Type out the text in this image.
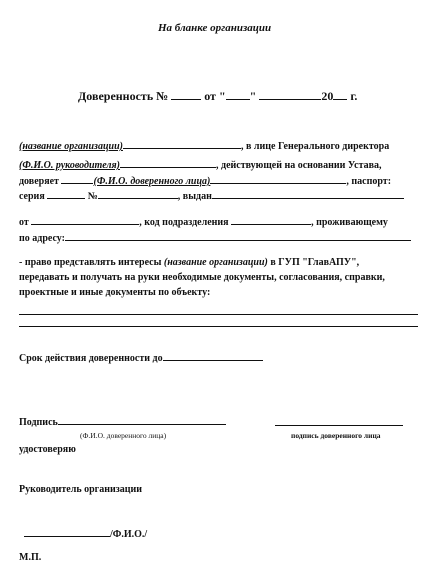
На бланке организации
Доверенность №	от " "	20 г.
(название организации)	, в лице Генерального директора
(Ф.И.О. руководителя)	, действующей на основании Устава,
доверяет	(Ф.И.О. доверенного лица)	, паспорт:
серия	№	, выдан
от	, код подразделения	, проживающему
по адресу:
- право представлять интересы (название организации) в ГУП "ГлавАПУ",
передавать и получать на руки необходимые документы, согласования, справки,
проектные и иные документы по объекту:
Срок действия доверенности до
Подпись
(Ф.И.О. доверенного лица)	подпись доверенного лица
удостоверяю
Руководитель организации
/Ф.И.О./
М.П.
